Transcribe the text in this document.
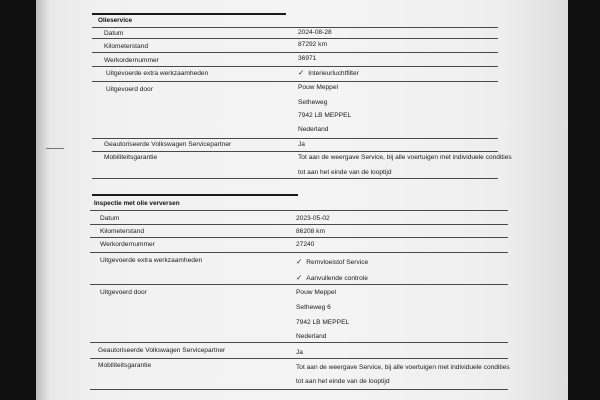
Olieservice
Datum	2024-08-28
Kilometerstand	87292 km
Werkordernummer	36971
Uitgevoerde extra werkzaamheden	✓ Interieurluchtfilter
Uitgevoerd door	Pouw Meppel
Setheweg
7942 LB MEPPEL
Nederland
Geautoriseerde Volkswagen Servicepartner	Ja
Mobiliteitsgarantie	Tot aan de weergave Service, bij alle voertuigen met individuele condities
tot aan het einde van de looptijd
Inspectie met olie verversen
Datum	2023-05-02
Kilometerstand	86208 km
Werkordernummer	27240
Uitgevoerde extra werkzaamheden	✓ Remvloeistof Service
✓ Aanvullende controle
Uitgevoerd door	Pouw Meppel
Setheweg 6
7942 LB MEPPEL
Nederland
Geautoriseerde Volkswagen Servicepartner	Ja
Mobiliteitsgarantie	Tot aan de weergave Service, bij alle voertuigen met individuele condities
tot aan het einde van de looptijd
